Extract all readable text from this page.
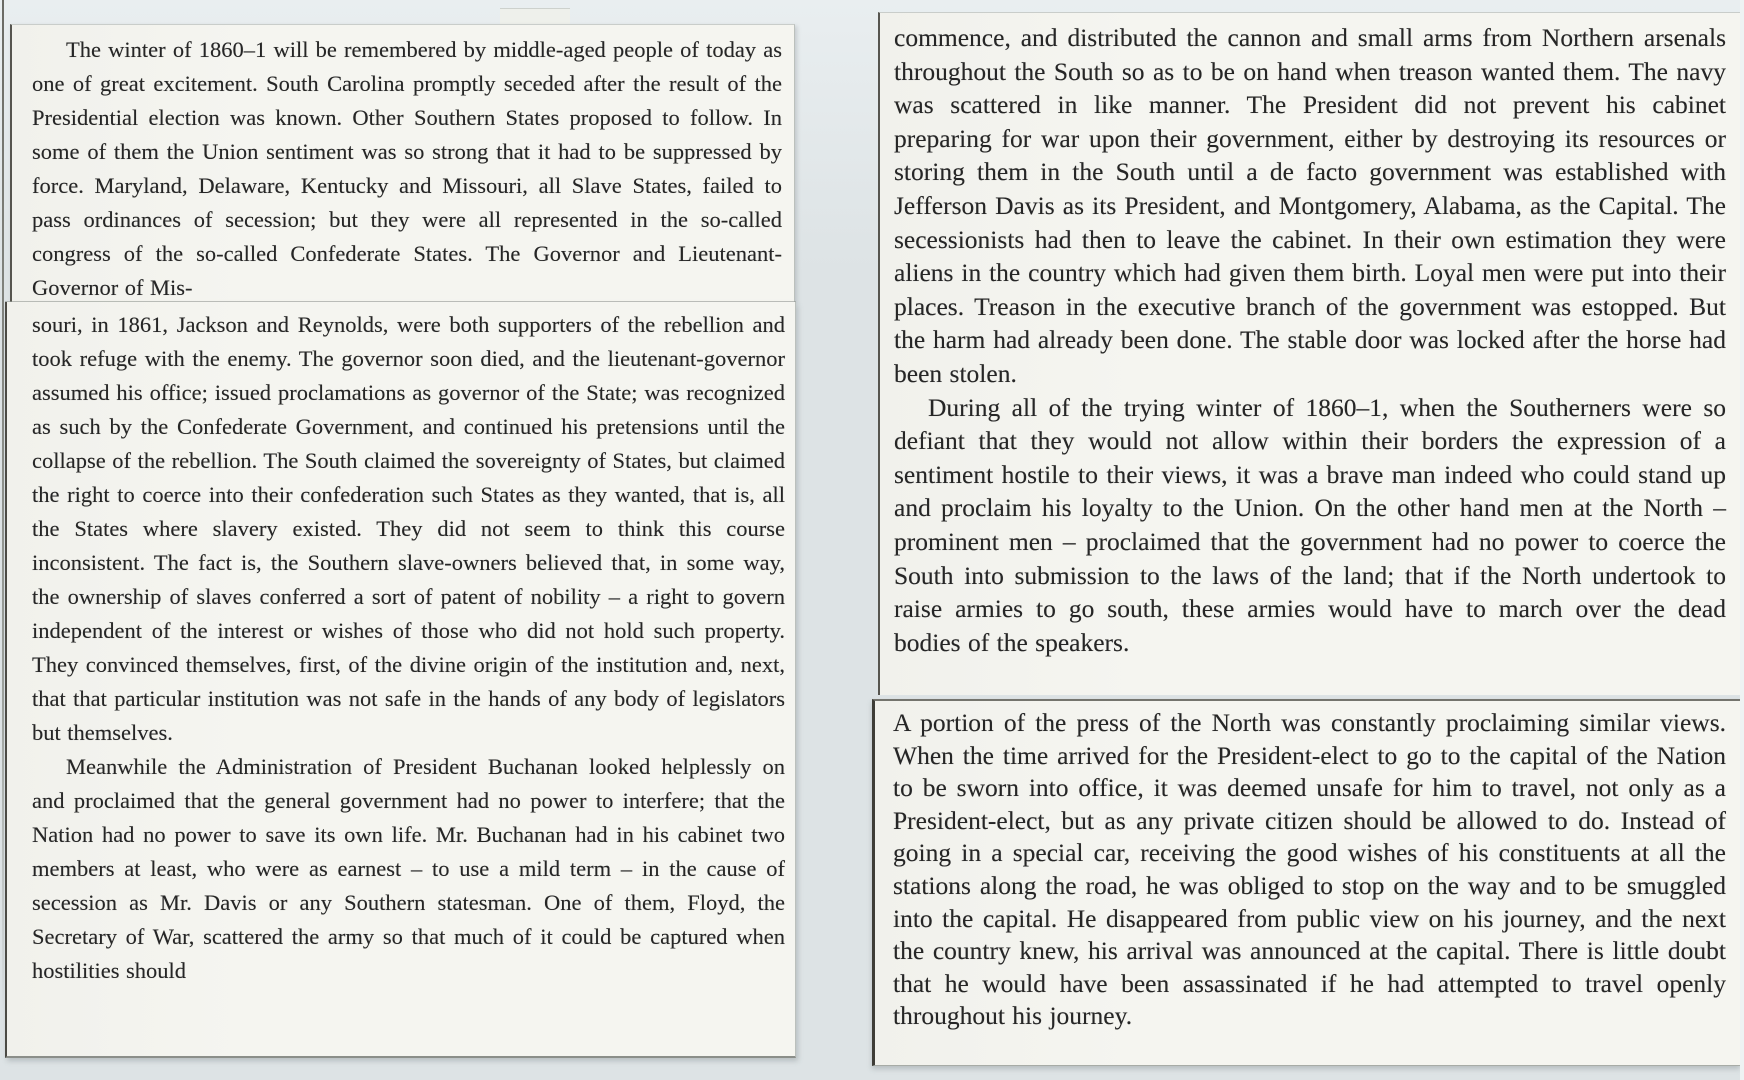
The winter of 1860–1 will be remembered by middle-aged people of today as one of great excitement. South Carolina promptly seceded after the result of the Presidential election was known. Other Southern States proposed to follow. In some of them the Union sentiment was so strong that it had to be suppressed by force. Maryland, Delaware, Kentucky and Missouri, all Slave States, failed to pass ordinances of secession; but they were all represented in the so-called congress of the so-called Confederate States. The Governor and Lieutenant-Governor of Mis-

souri, in 1861, Jackson and Reynolds, were both supporters of the rebellion and took refuge with the enemy. The governor soon died, and the lieutenant-governor assumed his office; issued proclamations as governor of the State; was recognized as such by the Confederate Government, and continued his pretensions until the collapse of the rebellion. The South claimed the sovereignty of States, but claimed the right to coerce into their confederation such States as they wanted, that is, all the States where slavery existed. They did not seem to think this course inconsistent. The fact is, the Southern slave-owners believed that, in some way, the ownership of slaves conferred a sort of patent of nobility – a right to govern independent of the interest or wishes of those who did not hold such property. They convinced themselves, first, of the divine origin of the institution and, next, that that particular institution was not safe in the hands of any body of legislators but themselves.

Meanwhile the Administration of President Buchanan looked helplessly on and proclaimed that the general government had no power to interfere; that the Nation had no power to save its own life. Mr. Buchanan had in his cabinet two members at least, who were as earnest – to use a mild term – in the cause of secession as Mr. Davis or any Southern statesman. One of them, Floyd, the Secretary of War, scattered the army so that much of it could be captured when hostilities should

commence, and distributed the cannon and small arms from Northern arsenals throughout the South so as to be on hand when treason wanted them. The navy was scattered in like manner. The President did not prevent his cabinet preparing for war upon their government, either by destroying its resources or storing them in the South until a de facto government was established with Jefferson Davis as its President, and Montgomery, Alabama, as the Capital. The secessionists had then to leave the cabinet. In their own estimation they were aliens in the country which had given them birth. Loyal men were put into their places. Treason in the executive branch of the government was estopped. But the harm had already been done. The stable door was locked after the horse had been stolen.

During all of the trying winter of 1860–1, when the Southerners were so defiant that they would not allow within their borders the expression of a sentiment hostile to their views, it was a brave man indeed who could stand up and proclaim his loyalty to the Union. On the other hand men at the North – prominent men – proclaimed that the government had no power to coerce the South into submission to the laws of the land; that if the North undertook to raise armies to go south, these armies would have to march over the dead bodies of the speakers.

A portion of the press of the North was constantly proclaiming similar views. When the time arrived for the President-elect to go to the capital of the Nation to be sworn into office, it was deemed unsafe for him to travel, not only as a President-elect, but as any private citizen should be allowed to do. Instead of going in a special car, receiving the good wishes of his constituents at all the stations along the road, he was obliged to stop on the way and to be smuggled into the capital. He disappeared from public view on his journey, and the next the country knew, his arrival was announced at the capital. There is little doubt that he would have been assassinated if he had attempted to travel openly throughout his journey.
